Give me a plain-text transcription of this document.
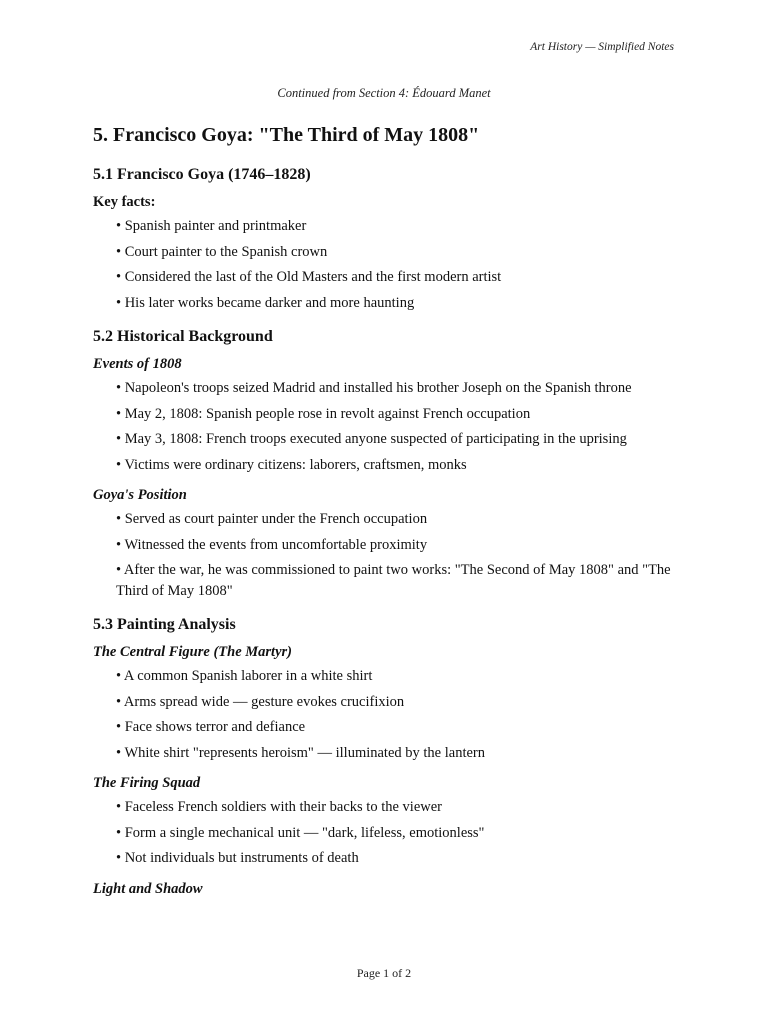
Art History — Simplified Notes
Continued from Section 4: Édouard Manet
5. Francisco Goya: "The Third of May 1808"
5.1 Francisco Goya (1746–1828)
Key facts:
• Spanish painter and printmaker
• Court painter to the Spanish crown
• Considered the last of the Old Masters and the first modern artist
• His later works became darker and more haunting
5.2 Historical Background
Events of 1808
• Napoleon's troops seized Madrid and installed his brother Joseph on the Spanish throne
• May 2, 1808: Spanish people rose in revolt against French occupation
• May 3, 1808: French troops executed anyone suspected of participating in the uprising
• Victims were ordinary citizens: laborers, craftsmen, monks
Goya's Position
• Served as court painter under the French occupation
• Witnessed the events from uncomfortable proximity
• After the war, he was commissioned to paint two works: "The Second of May 1808" and "The Third of May 1808"
5.3 Painting Analysis
The Central Figure (The Martyr)
• A common Spanish laborer in a white shirt
• Arms spread wide — gesture evokes crucifixion
• Face shows terror and defiance
• White shirt "represents heroism" — illuminated by the lantern
The Firing Squad
• Faceless French soldiers with their backs to the viewer
• Form a single mechanical unit — "dark, lifeless, emotionless"
• Not individuals but instruments of death
Light and Shadow
Page 1 of 2
